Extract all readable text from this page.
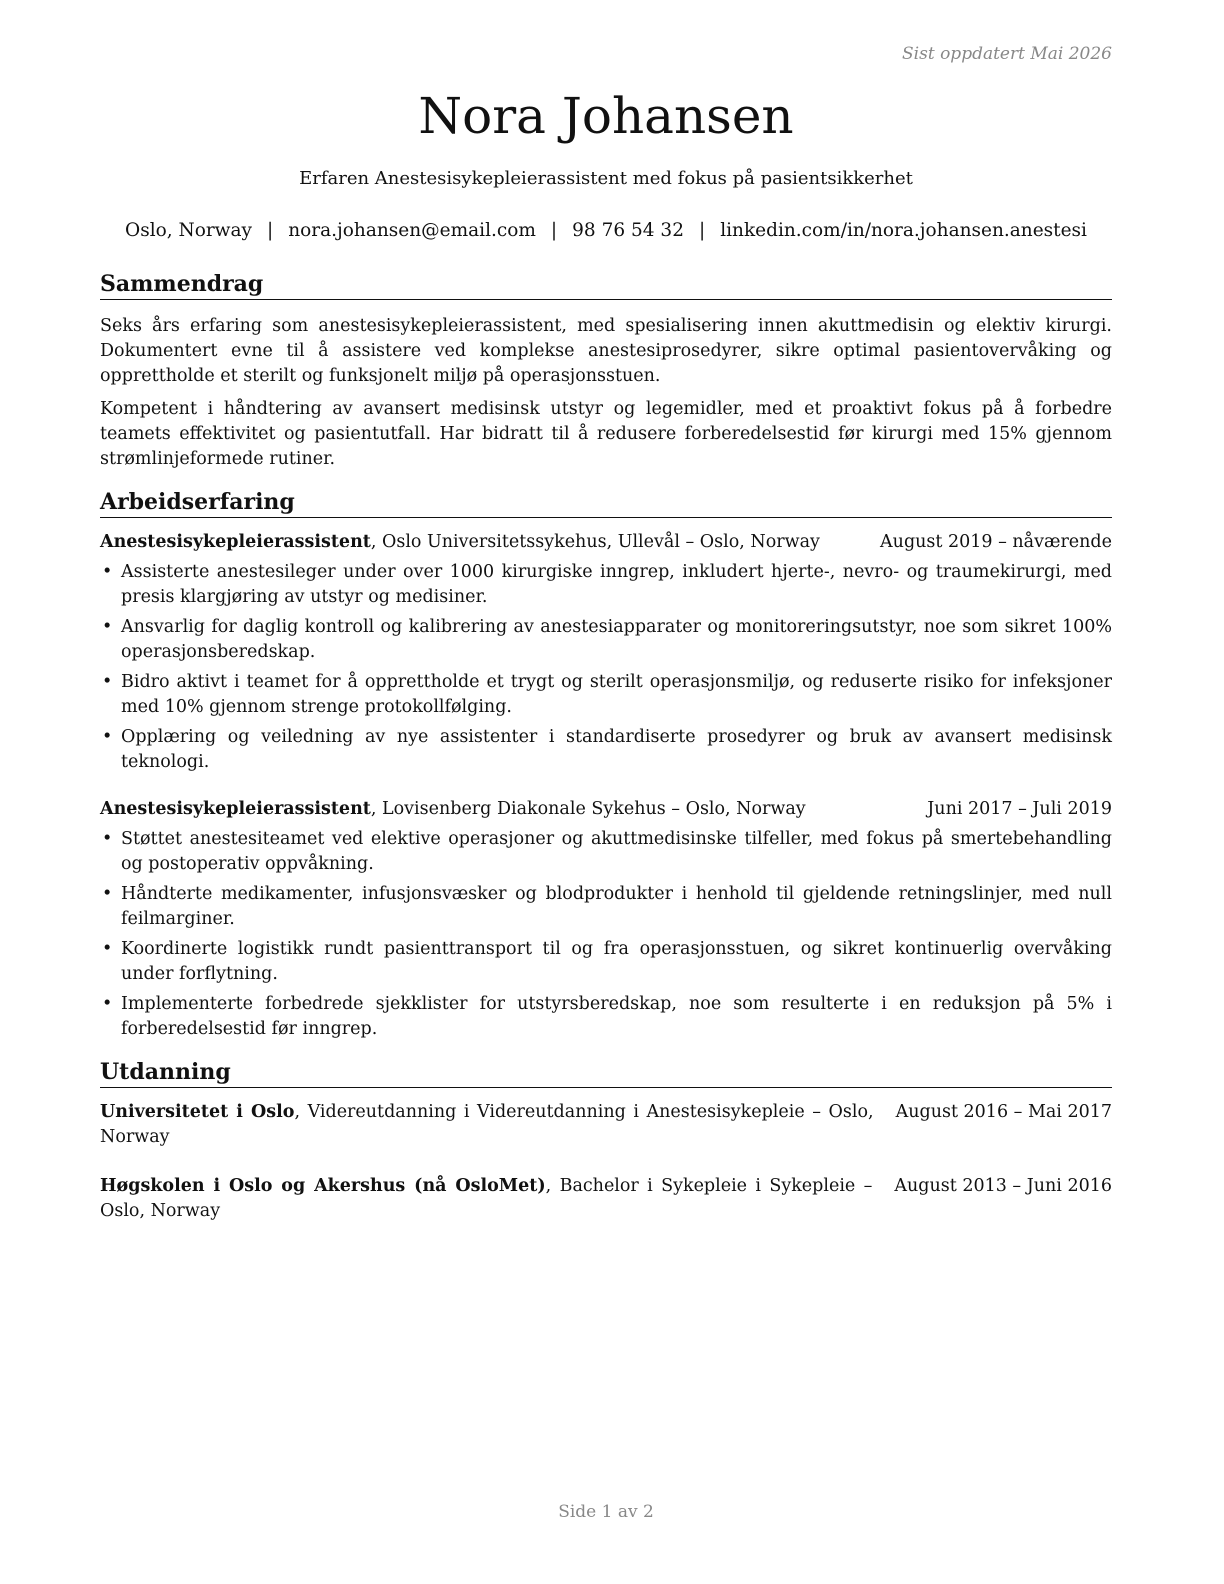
Sist oppdatert Mai 2026
Nora Johansen
Erfaren Anestesisykepleierassistent med fokus på pasientsikkerhet
Oslo, Norway | nora.johansen@email.com | 98 76 54 32 | linkedin.com/in/nora.johansen.anestesi
Sammendrag

Seks års erfaring som anestesisykepleierassistent, med spesialisering innen akuttmedisin og elektiv kirurgi. Dokumentert evne til å assistere ved komplekse anestesiprosedyrer, sikre optimal pasientovervåking og opprettholde et sterilt og funksjonelt miljø på operasjonsstuen.

Kompetent i håndtering av avansert medisinsk utstyr og legemidler, med et proaktivt fokus på å forbedre teamets effektivitet og pasientutfall. Har bidratt til å redusere forberedelsestid før kirurgi med 15% gjennom strømlinjeformede rutiner.

Arbeidserfaring
Anestesisykepleierassistent, Oslo Universitetssykehus, Ullevål – Oslo, Norway	August 2019 – nåværende
• Assisterte anestesileger under over 1000 kirurgiske inngrep, inkludert hjerte-, nevro- og traumekirurgi, med presis klargjøring av utstyr og medisiner.
• Ansvarlig for daglig kontroll og kalibrering av anestesiapparater og monitoreringsutstyr, noe som sikret 100% operasjonsberedskap.
• Bidro aktivt i teamet for å opprettholde et trygt og sterilt operasjonsmiljø, og reduserte risiko for infeksjoner med 10% gjennom strenge protokollfølging.
• Opplæring og veiledning av nye assistenter i standardiserte prosedyrer og bruk av avansert medisinsk teknologi.
Anestesisykepleierassistent, Lovisenberg Diakonale Sykehus – Oslo, Norway	Juni 2017 – Juli 2019
• Støttet anestesiteamet ved elektive operasjoner og akuttmedisinske tilfeller, med fokus på smertebehandling og postoperativ oppvåkning.
• Håndterte medikamenter, infusjonsvæsker og blodprodukter i henhold til gjeldende retningslinjer, med null feilmarginer.
• Koordinerte logistikk rundt pasienttransport til og fra operasjonsstuen, og sikret kontinuerlig overvåking under forflytning.
• Implementerte forbedrede sjekklister for utstyrsberedskap, noe som resulterte i en reduksjon på 5% i forberedelsestid før inngrep.
Utdanning
Universitetet i Oslo, Videreutdanning i Videreutdanning i Anestesisykepleie – Oslo, Norway
August 2016 – Mai 2017
Høgskolen i Oslo og Akershus (nå OsloMet), Bachelor i Sykepleie i Sykepleie – Oslo, Norway
August 2013 – Juni 2016
Side 1 av 2
